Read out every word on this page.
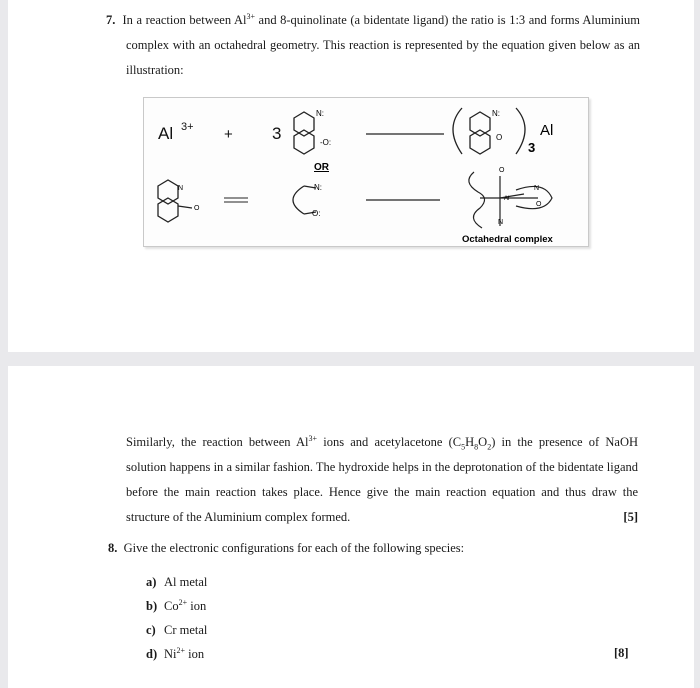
7. In a reaction between $Al^{3+}$ and 8-quinolinate (a bidentate ligand) the ratio is 1:3 and forms Aluminium complex with an octahedral geometry. This reaction is represented by the equation given below as an illustration:
Al 3+ + 3
N:
-O:
N:
O	Al
3
OR
N
O
N:
O:
O
Al
N
O
N
Octahedral complex
Similarly, the reaction between $Al^{3+}$ ions and acetylacetone $(C_5H_8O_2)$ in the presence of NaOH solution happens in a similar fashion. The hydroxide helps in the deprotonation of the bidentate ligand before the main reaction takes place. Hence give the main reaction equation and thus draw the structure of the Aluminium complex formed.	[5]
8. Give the electronic configurations for each of the following species:
a) Al metal
b) $Co^{2+}$ ion
c) Cr metal
d) $Ni^{2+}$ ion	[8]
